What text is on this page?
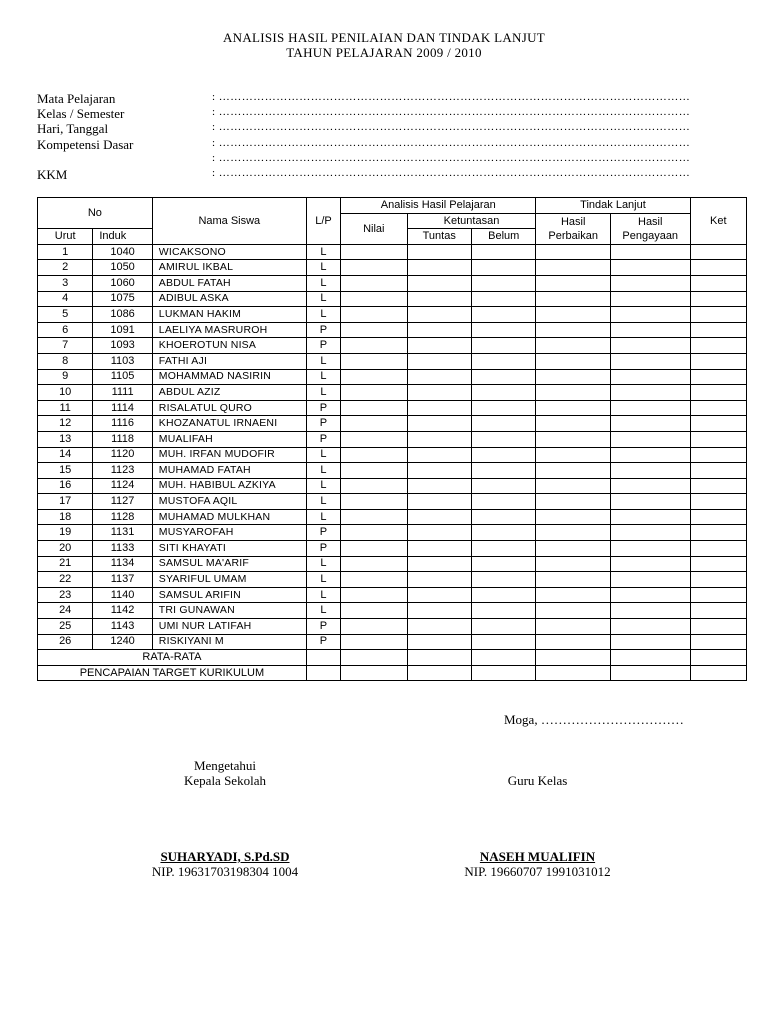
ANALISIS HASIL PENILAIAN DAN TINDAK LANJUT
TAHUN PELAJARAN 2009 / 2010
Mata Pelajaran	: ……………………………………………………………………………………………………………
Kelas / Semester	: ……………………………………………………………………………………………………………
Hari, Tanggal	: ……………………………………………………………………………………………………………
Kompetensi Dasar	: ……………………………………………………………………………………………………………
: ……………………………………………………………………………………………………………
KKM	: ……………………………………………………………………………………………………………
No		Nama Siswa	L/P	Analisis Hasil Pelajaran			Tindak Lanjut		Ket
				Nilai	Ketuntasan		Hasil Perbaikan	Hasil Pengayaan	
					Tuntas	Belum			
Urut	Induk								
1	1040	WICAKSONO	L						
2	1050	AMIRUL IKBAL	L						
3	1060	ABDUL FATAH	L						
4	1075	ADIBUL ASKA	L						
5	1086	LUKMAN HAKIM	L						
6	1091	LAELIYA MASRUROH	P						
7	1093	KHOEROTUN NISA	P						
8	1103	FATHI AJI	L						
9	1105	MOHAMMAD NASIRIN	L						
10	1111	ABDUL AZIZ	L						
11	1114	RISALATUL QURO	P						
12	1116	KHOZANATUL IRNAENI	P						
13	1118	MUALIFAH	P						
14	1120	MUH. IRFAN MUDOFIR	L						
15	1123	MUHAMAD FATAH	L						
16	1124	MUH. HABIBUL AZKIYA	L						
17	1127	MUSTOFA AQIL	L						
18	1128	MUHAMAD MULKHAN	L						
19	1131	MUSYAROFAH	P						
20	1133	SITI KHAYATI	P						
21	1134	SAMSUL MA'ARIF	L						
22	1137	SYARIFUL UMAM	L						
23	1140	SAMSUL ARIFIN	L						
24	1142	TRI GUNAWAN	L						
25	1143	UMI NUR LATIFAH	P						
26	1240	RISKIYANI M	P						
RATA-RATA									
PENCAPAIAN TARGET KURIKULUM									
Moga, ……………………………
Mengetahui
Kepala Sekolah	Guru Kelas
SUHARYADI, S.Pd.SD
NIP. 19631703198304 1004
NASEH MUALIFIN
NIP. 19660707 1991031012
